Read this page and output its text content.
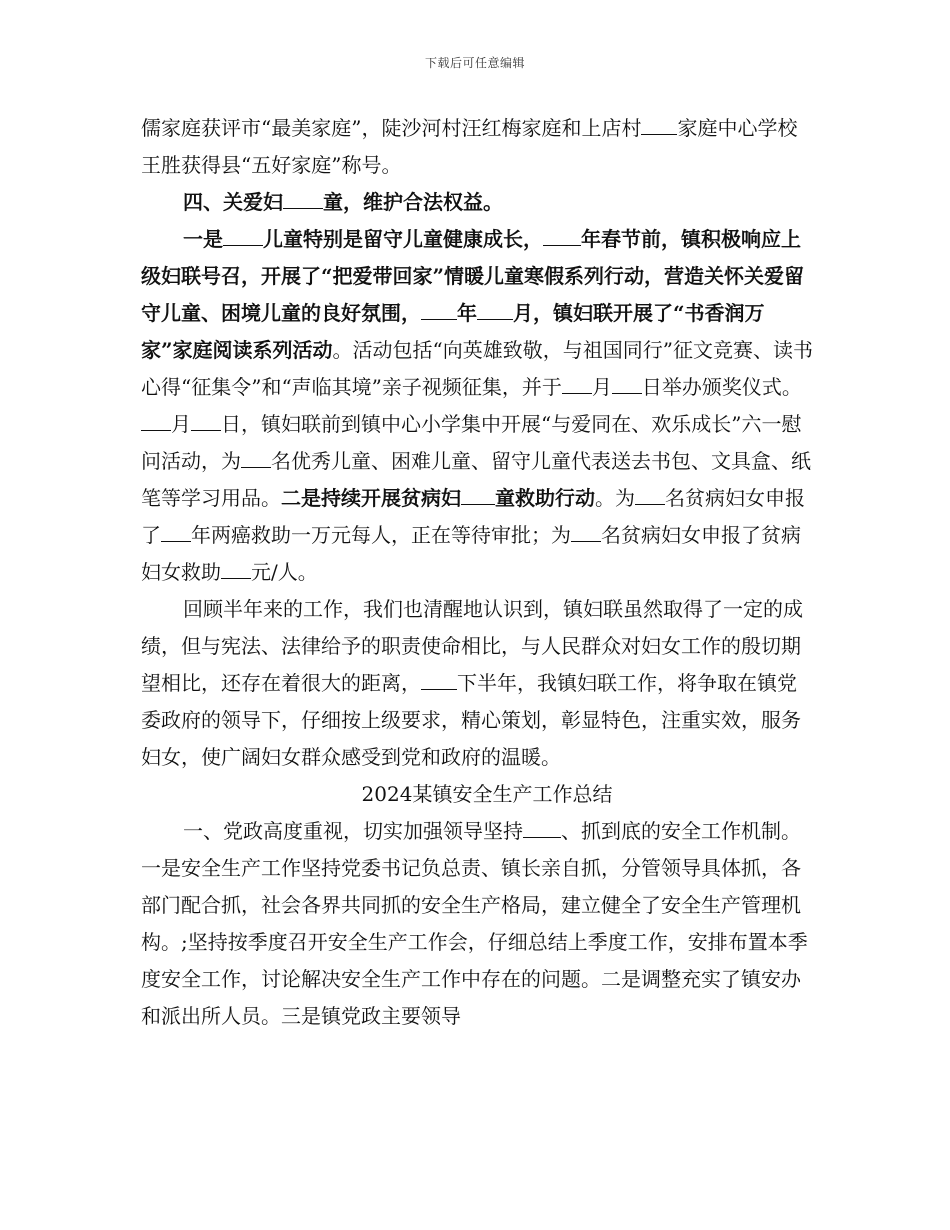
下载后可任意编辑

儒家庭获评市“最美家庭”，陡沙河村汪红梅家庭和上店村 家庭中心学校王胜获得县“五好家庭”称号。

四、关爱妇 童，维护合法权益。

一是 儿童特别是留守儿童健康成长， 年春节前，镇积极响应上级妇联号召，开展了“把爱带回家”情暖儿童寒假系列行动，营造关怀关爱留守儿童、困境儿童的良好氛围， 年 月，镇妇联开展了“书香润万家”家庭阅读系列活动。活动包括“向英雄致敬，与祖国同行”征文竞赛、读书心得“征集令”和“声临其境”亲子视频征集，并于 月 日举办颁奖仪式。月 日，镇妇联前到镇中心小学集中开展“与爱同在、欢乐成长”六一慰问活动，为 名优秀儿童、困难儿童、留守儿童代表送去书包、文具盒、纸笔等学习用品。二是持续开展贫病妇 童救助行动。为 名贫病妇女申报了 年两癌救助一万元每人，正在等待审批；为 名贫病妇女申报了贫病妇女救助 元/人。

回顾半年来的工作，我们也清醒地认识到，镇妇联虽然取得了一定的成绩，但与宪法、法律给予的职责使命相比，与人民群众对妇女工作的殷切期望相比，还存在着很大的距离， 下半年，我镇妇联工作，将争取在镇党委政府的领导下，仔细按上级要求，精心策划，彰显特色，注重实效，服务妇女，使广阔妇女群众感受到党和政府的温暖。

2024某镇安全生产工作总结

一、党政高度重视，切实加强领导坚持 、抓到底的安全工作机制。一是安全生产工作坚持党委书记负总责、镇长亲自抓，分管领导具体抓，各部门配合抓，社会各界共同抓的安全生产格局，建立健全了安全生产管理机构。;坚持按季度召开安全生产工作会，仔细总结上季度工作，安排布置本季度安全工作，讨论解决安全生产工作中存在的问题。二是调整充实了镇安办和派出所人员。三是镇党政主要领导
